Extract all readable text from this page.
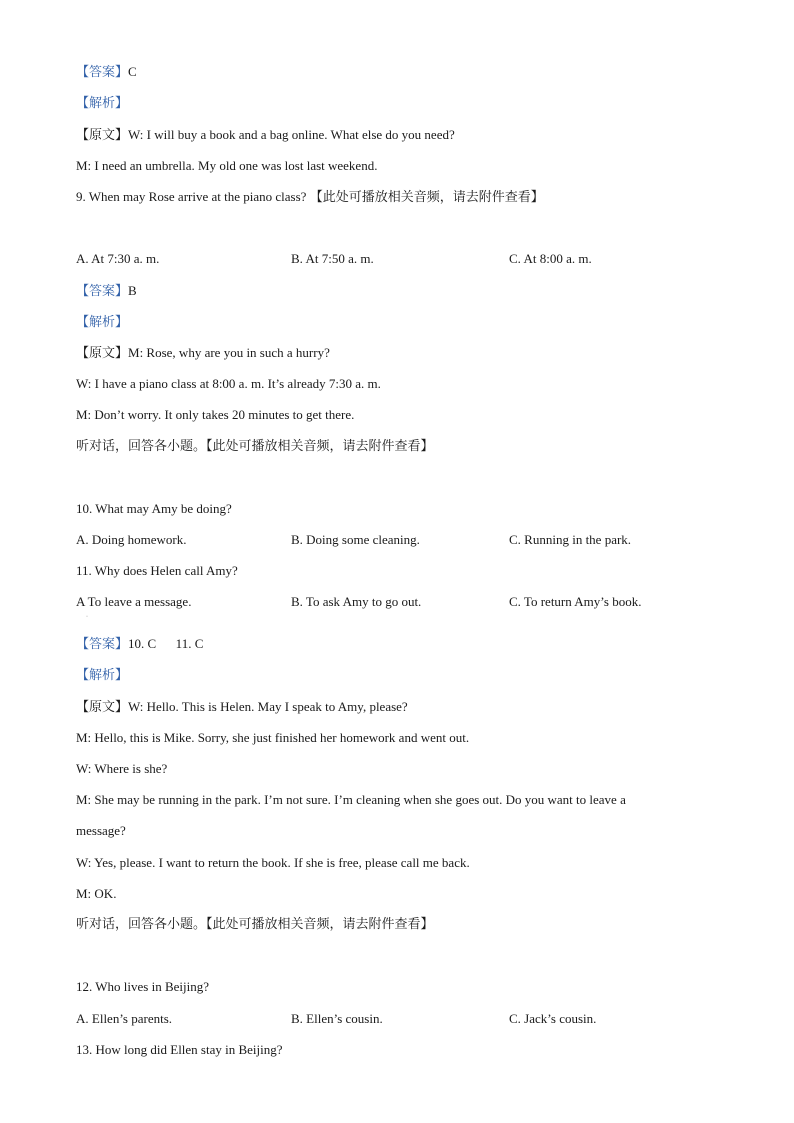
【答案】C
【解析】
【原文】W: I will buy a book and a bag online. What else do you need?
M: I need an umbrella. My old one was lost last weekend.
9. When may Rose arrive at the piano class? 【此处可播放相关音频，请去附件查看】
A. At 7:30 a. m.	B. At 7:50 a. m.	C. At 8:00 a. m.
【答案】B
【解析】
【原文】M: Rose, why are you in such a hurry?
W: I have a piano class at 8:00 a. m. It’s already 7:30 a. m.
M: Don’t worry. It only takes 20 minutes to get there.
听对话，回答各小题。【此处可播放相关音频，请去附件查看】
10. What may Amy be doing?
A. Doing homework.	B. Doing some cleaning.	C. Running in the park.
11. Why does Helen call Amy?
A To leave a message.	B. To ask Amy to go out.	C. To return Amy’s book.
·
【答案】10. C      11. C
【解析】
【原文】W: Hello. This is Helen. May I speak to Amy, please?
M: Hello, this is Mike. Sorry, she just finished her homework and went out.
W: Where is she?
M: She may be running in the park. I’m not sure. I’m cleaning when she goes out. Do you want to leave a
message?
W: Yes, please. I want to return the book. If she is free, please call me back.
M: OK.
听对话，回答各小题。【此处可播放相关音频，请去附件查看】
12. Who lives in Beijing?
A. Ellen’s parents.	B. Ellen’s cousin.	C. Jack’s cousin.
13. How long did Ellen stay in Beijing?
